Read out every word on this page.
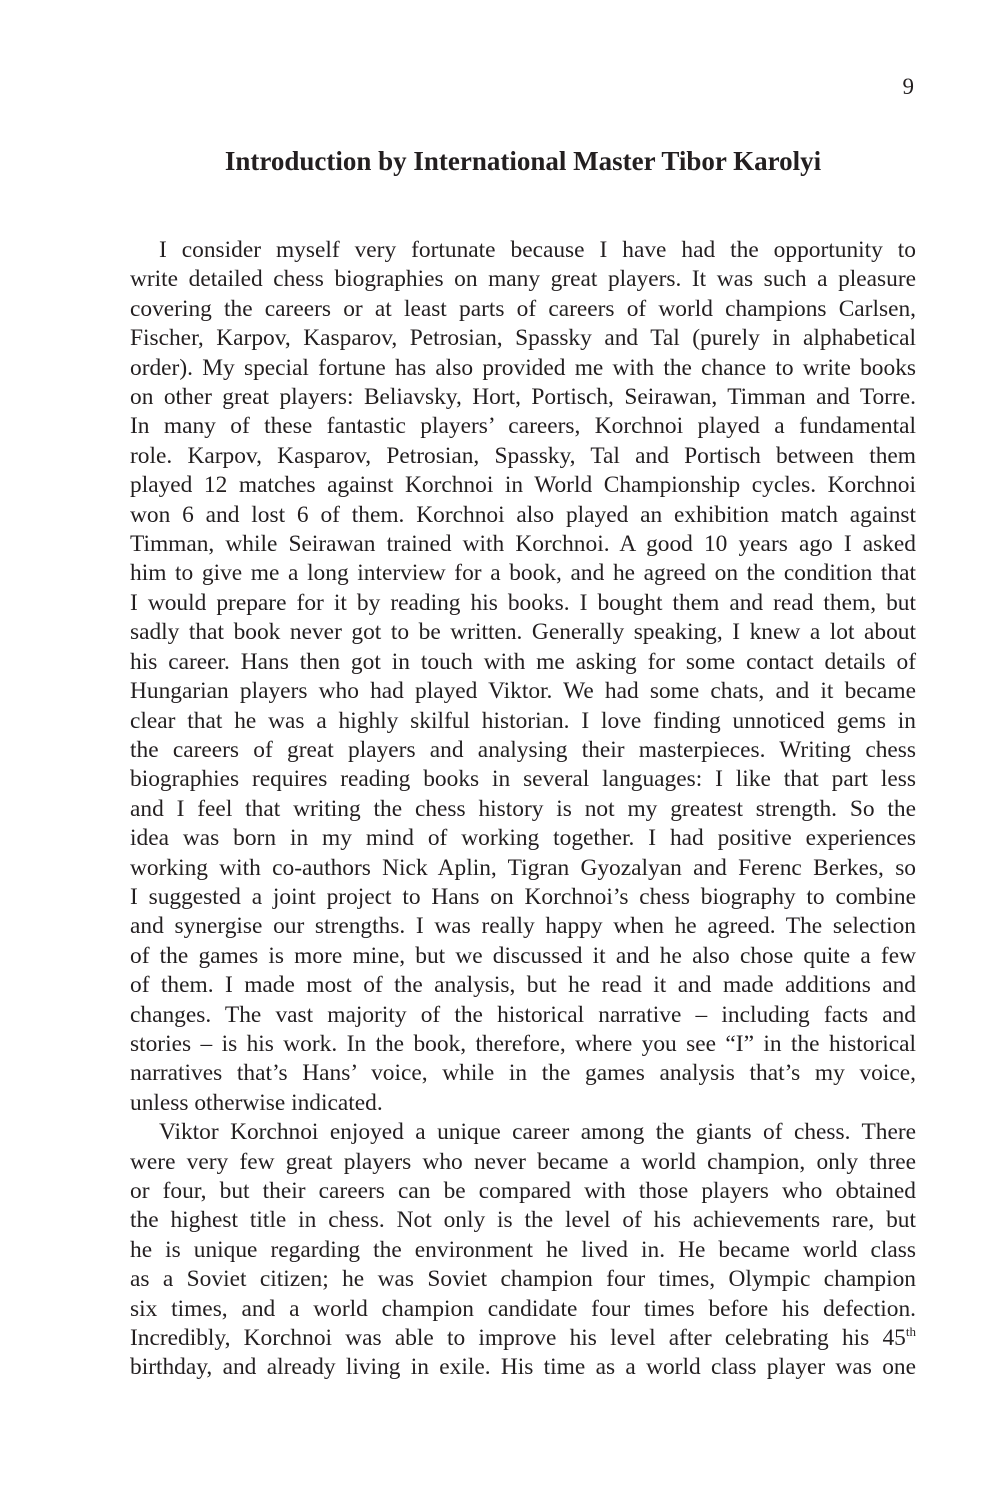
9
Introduction by International Master Tibor Karolyi

I consider myself very fortunate because I have had the opportunity to
write detailed chess biographies on many great players. It was such a pleasure
covering the careers or at least parts of careers of world champions Carlsen,
Fischer, Karpov, Kasparov, Petrosian, Spassky and Tal (purely in alphabetical
order). My special fortune has also provided me with the chance to write books
on other great players: Beliavsky, Hort, Portisch, Seirawan, Timman and Torre.
In many of these fantastic players’ careers, Korchnoi played a fundamental
role. Karpov, Kasparov, Petrosian, Spassky, Tal and Portisch between them
played 12 matches against Korchnoi in World Championship cycles. Korchnoi
won 6 and lost 6 of them. Korchnoi also played an exhibition match against
Timman, while Seirawan trained with Korchnoi. A good 10 years ago I asked
him to give me a long interview for a book, and he agreed on the condition that
I would prepare for it by reading his books. I bought them and read them, but
sadly that book never got to be written. Generally speaking, I knew a lot about
his career. Hans then got in touch with me asking for some contact details of
Hungarian players who had played Viktor. We had some chats, and it became
clear that he was a highly skilful historian. I love finding unnoticed gems in
the careers of great players and analysing their masterpieces. Writing chess
biographies requires reading books in several languages: I like that part less
and I feel that writing the chess history is not my greatest strength. So the
idea was born in my mind of working together. I had positive experiences
working with co-authors Nick Aplin, Tigran Gyozalyan and Ferenc Berkes, so
I suggested a joint project to Hans on Korchnoi’s chess biography to combine
and synergise our strengths. I was really happy when he agreed. The selection
of the games is more mine, but we discussed it and he also chose quite a few
of them. I made most of the analysis, but he read it and made additions and
changes. The vast majority of the historical narrative – including facts and
stories – is his work. In the book, therefore, where you see “I” in the historical
narratives that’s Hans’ voice, while in the games analysis that’s my voice,
unless otherwise indicated.

Viktor Korchnoi enjoyed a unique career among the giants of chess. There
were very few great players who never became a world champion, only three
or four, but their careers can be compared with those players who obtained
the highest title in chess. Not only is the level of his achievements rare, but
he is unique regarding the environment he lived in. He became world class
as a Soviet citizen; he was Soviet champion four times, Olympic champion
six times, and a world champion candidate four times before his defection.
Incredibly, Korchnoi was able to improve his level after celebrating his 45th
birthday, and already living in exile. His time as a world class player was one
